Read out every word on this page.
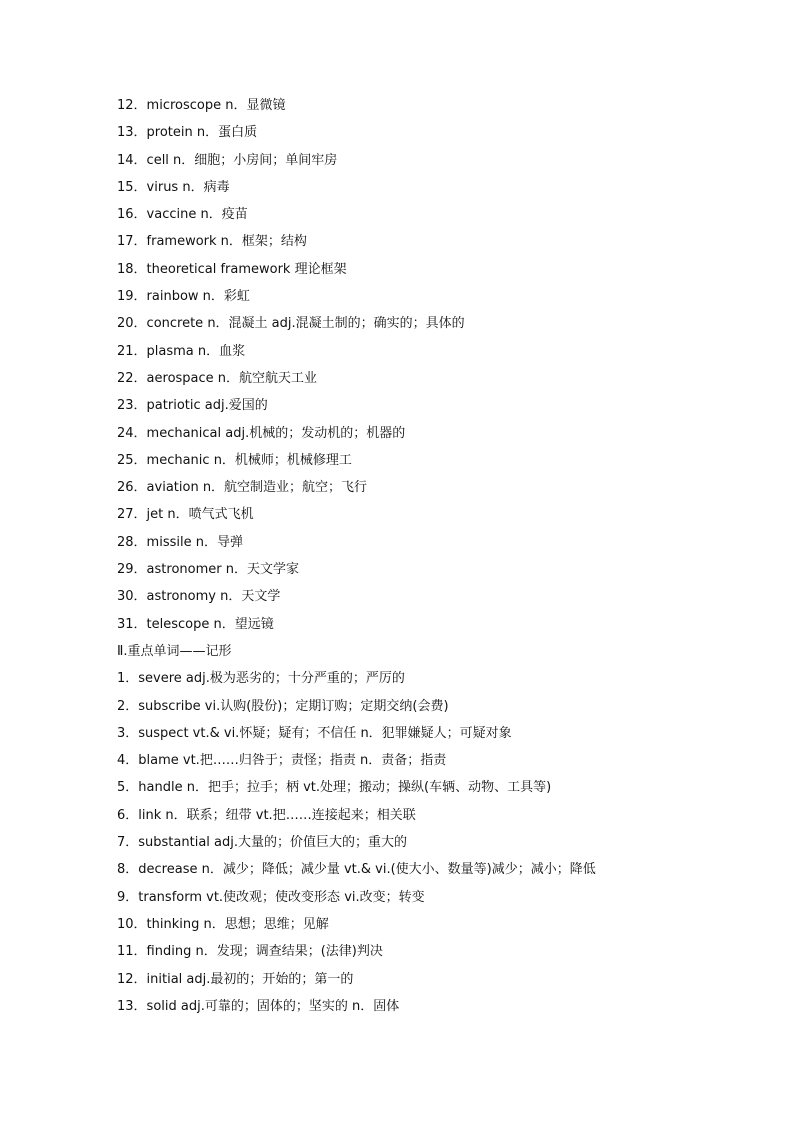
12．microscope n．显微镜
13．protein n．蛋白质
14．cell n．细胞；小房间；单间牢房
15．virus n．病毒
16．vaccine n．疫苗
17．framework n．框架；结构
18．theoretical framework 理论框架
19．rainbow n．彩虹
20．concrete n．混凝土 adj.混凝土制的；确实的；具体的
21．plasma n．血浆
22．aerospace n．航空航天工业
23．patriotic adj.爱国的
24．mechanical adj.机械的；发动机的；机器的
25．mechanic n．机械师；机械修理工
26．aviation n．航空制造业；航空；飞行
27．jet n．喷气式飞机
28．missile n．导弹
29．astronomer n．天文学家
30．astronomy n．天文学
31．telescope n．望远镜
Ⅱ.重点单词——记形
1．severe adj.极为恶劣的；十分严重的；严厉的
2．subscribe vi.认购(股份)；定期订购；定期交纳(会费)
3．suspect vt.& vi.怀疑；疑有；不信任 n．犯罪嫌疑人；可疑对象
4．blame vt.把……归咎于；责怪；指责 n．责备；指责
5．handle n．把手；拉手；柄 vt.处理；搬动；操纵(车辆、动物、工具等)
6．link n．联系；纽带 vt.把……连接起来；相关联
7．substantial adj.大量的；价值巨大的；重大的
8．decrease n．减少；降低；减少量 vt.& vi.(使大小、数量等)减少；减小；降低
9．transform vt.使改观；使改变形态 vi.改变；转变
10．thinking n．思想；思维；见解
11．finding n．发现；调查结果；(法律)判决
12．initial adj.最初的；开始的；第一的
13．solid adj.可靠的；固体的；坚实的 n．固体
